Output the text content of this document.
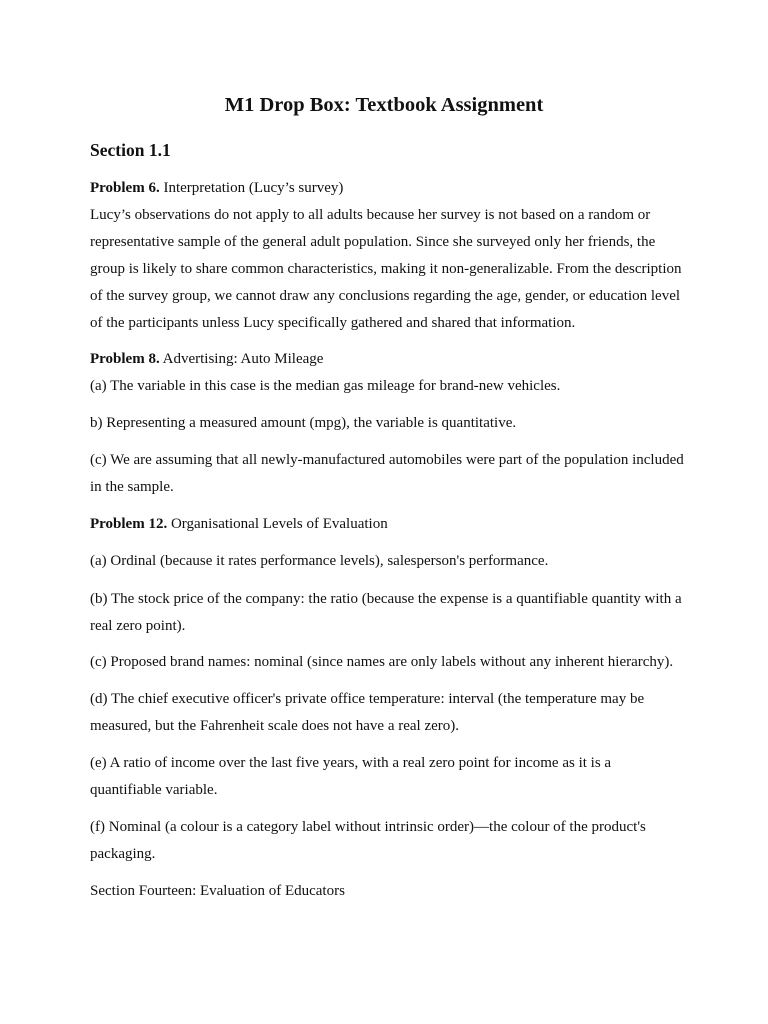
M1 Drop Box: Textbook Assignment
Section 1.1

Problem 6. Interpretation (Lucy’s survey)

Lucy’s observations do not apply to all adults because her survey is not based on a random or representative sample of the general adult population. Since she surveyed only her friends, the group is likely to share common characteristics, making it non-generalizable. From the description of the survey group, we cannot draw any conclusions regarding the age, gender, or education level of the participants unless Lucy specifically gathered and shared that information.

Problem 8. Advertising: Auto Mileage

(a) The variable in this case is the median gas mileage for brand-new vehicles.

b) Representing a measured amount (mpg), the variable is quantitative.

(c) We are assuming that all newly-manufactured automobiles were part of the population included in the sample.

Problem 12. Organisational Levels of Evaluation

(a) Ordinal (because it rates performance levels), salesperson's performance.

(b) The stock price of the company: the ratio (because the expense is a quantifiable quantity with a real zero point).

(c) Proposed brand names: nominal (since names are only labels without any inherent hierarchy).

(d) The chief executive officer's private office temperature: interval (the temperature may be measured, but the Fahrenheit scale does not have a real zero).

(e) A ratio of income over the last five years, with a real zero point for income as it is a quantifiable variable.

(f) Nominal (a colour is a category label without intrinsic order)—the colour of the product's packaging.

Section Fourteen: Evaluation of Educators
